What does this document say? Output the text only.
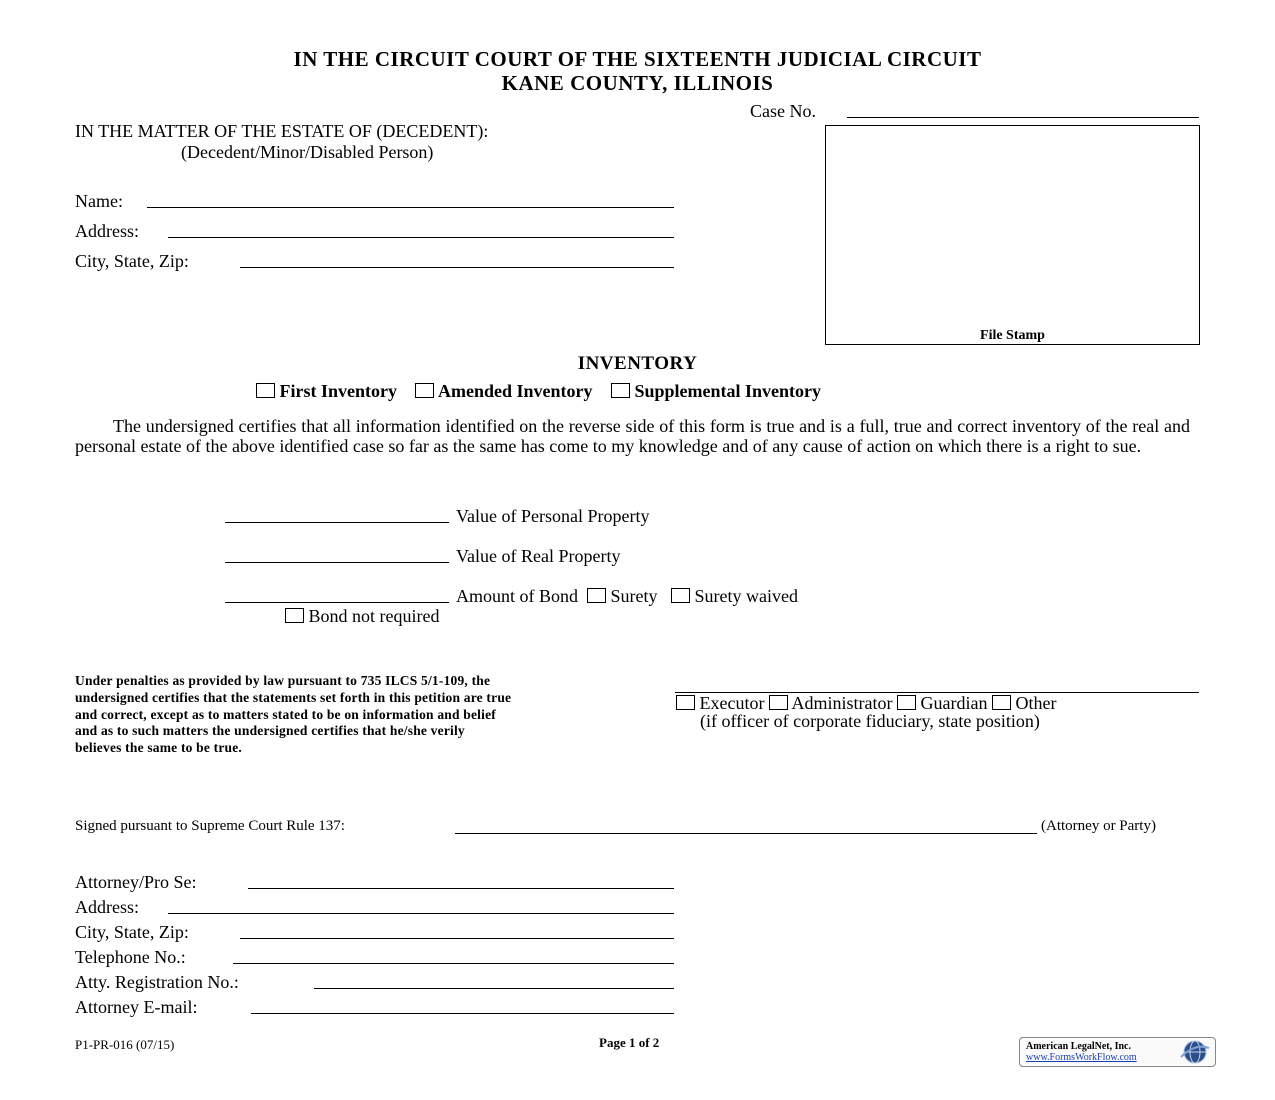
IN THE CIRCUIT COURT OF THE SIXTEENTH JUDICIAL CIRCUIT
KANE COUNTY, ILLINOIS
Case No.
File Stamp
IN THE MATTER OF THE ESTATE OF (DECEDENT):
(Decedent/Minor/Disabled Person)
Name:
Address:
City, State, Zip:
INVENTORY
First Inventory Amended Inventory Supplemental Inventory
The undersigned certifies that all information identified on the reverse side of this form is true and is a full, true and correct inventory of the real and personal estate of the above identified case so far as the same has come to my knowledge and of any cause of action on which there is a right to sue.
Value of Personal Property
Value of Real Property
Amount of Bond Surety Surety waived
Bond not required
Under penalties as provided by law pursuant to 735 ILCS 5/1-109, the undersigned certifies that the statements set forth in this petition are true and correct, except as to matters stated to be on information and belief and as to such matters the undersigned certifies that he/she verily believes the same to be true.
Executor Administrator Guardian Other
(if officer of corporate fiduciary, state position)
Signed pursuant to Supreme Court Rule 137:	(Attorney or Party)
Attorney/Pro Se:
Address:
City, State, Zip:
Telephone No.:
Atty. Registration No.:
Attorney E-mail:
P1-PR-016 (07/15)	Page 1 of 2	American LegalNet, Inc.
www.FormsWorkFlow.com
